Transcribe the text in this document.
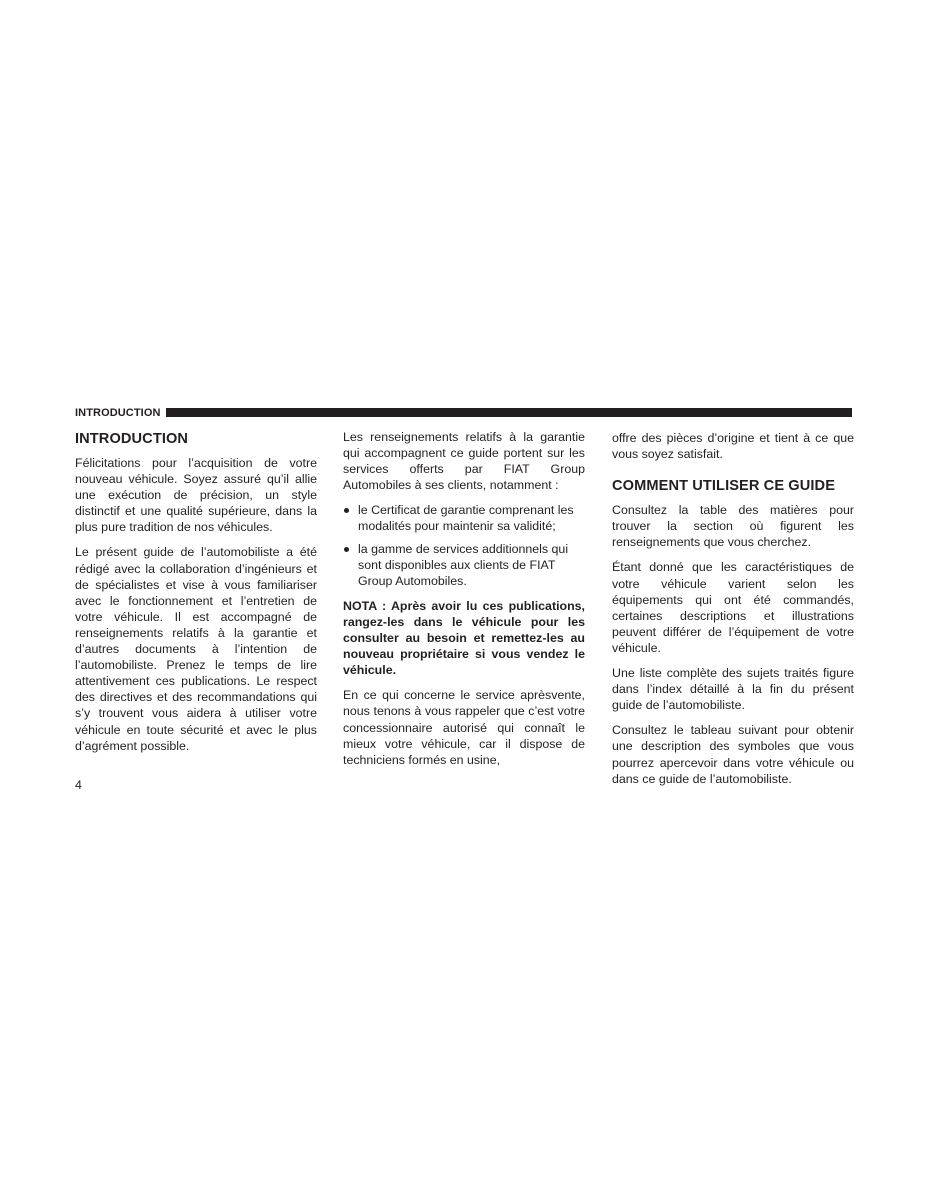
INTRODUCTION
INTRODUCTION

Félicitations pour l’acquisition de votre nouveau véhicule. Soyez assuré qu’il allie une exécution de précision, un style distinctif et une qualité supérieure, dans la plus pure tradition de nos véhicules.

Le présent guide de l’automobiliste a été rédigé avec la collaboration d’ingénieurs et de spécialistes et vise à vous familiariser avec le fonctionnement et l’entretien de votre véhicule. Il est accompagné de renseignements relatifs à la garantie et d’autres documents à l’intention de l’automobiliste. Prenez le temps de lire attentivement ces publications. Le respect des directives et des recommandations qui s’y trouvent vous aidera à utiliser votre véhicule en toute sécurité et avec le plus d’agrément possible.

Les renseignements relatifs à la garantie qui accompagnent ce guide portent sur les services offerts par FIAT Group Automobiles à ses clients, notamment :

le Certificat de garantie comprenant les modalités pour maintenir sa validité;
la gamme de services additionnels qui sont disponibles aux clients de FIAT Group Automobiles.

NOTA : Après avoir lu ces publications, rangez-les dans le véhicule pour les consulter au besoin et remettez-les au nouveau propriétaire si vous vendez le véhicule.

En ce qui concerne le service aprèsvente, nous tenons à vous rappeler que c’est votre concessionnaire autorisé qui connaît le mieux votre véhicule, car il dispose de techniciens formés en usine,

offre des pièces d’origine et tient à ce que vous soyez satisfait.

COMMENT UTILISER CE GUIDE

Consultez la table des matières pour trouver la section où figurent les renseignements que vous cherchez.

Étant donné que les caractéristiques de votre véhicule varient selon les équipements qui ont été commandés, certaines descriptions et illustrations peuvent différer de l’équipement de votre véhicule.

Une liste complète des sujets traités figure dans l’index détaillé à la fin du présent guide de l’automobiliste.

Consultez le tableau suivant pour obtenir une description des symboles que vous pourrez apercevoir dans votre véhicule ou dans ce guide de l’automobiliste.

4
